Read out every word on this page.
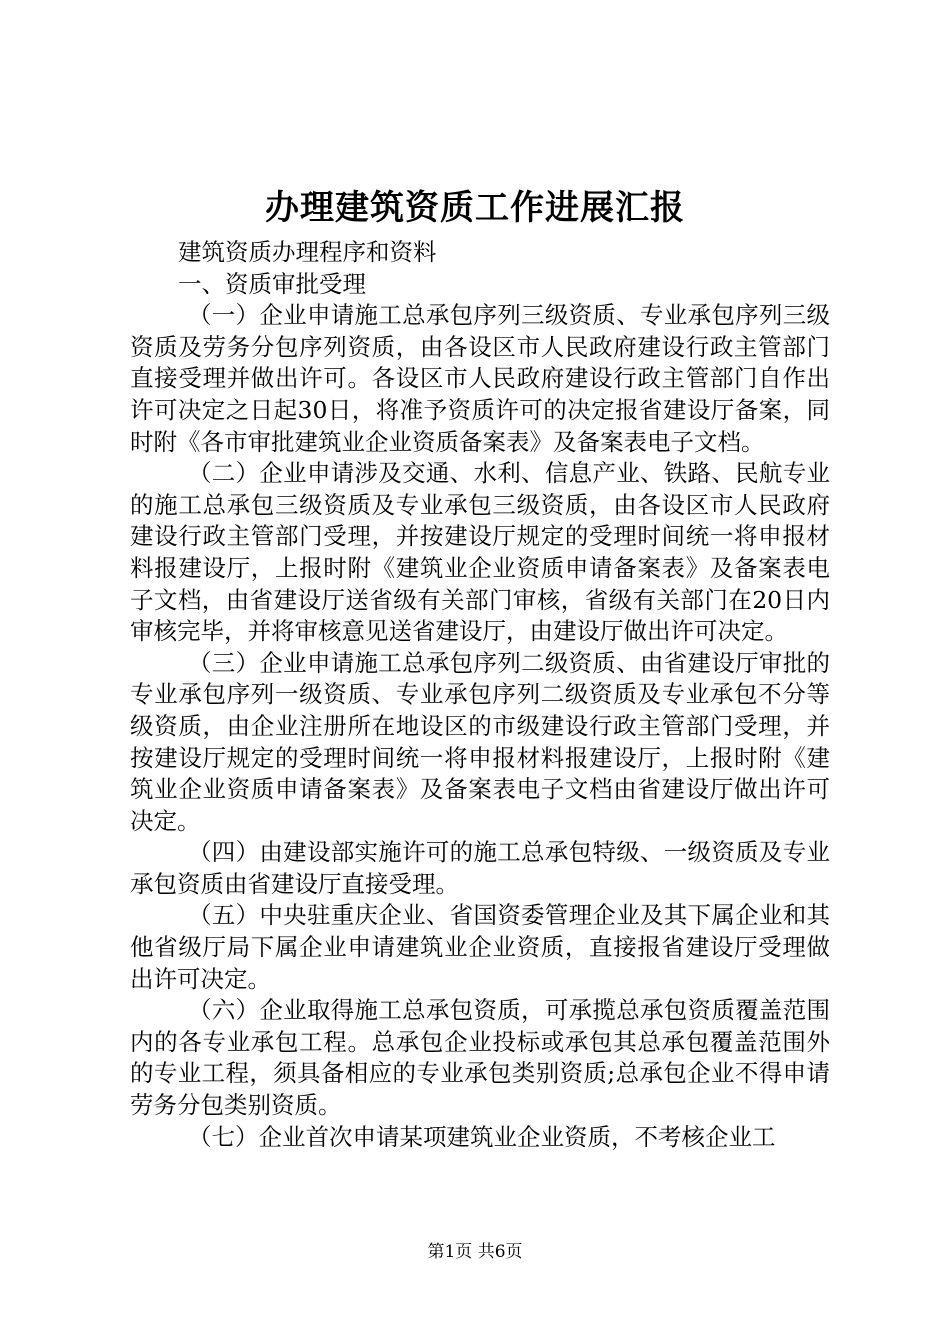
办理建筑资质工作进展汇报

建筑资质办理程序和资料

一、资质审批受理

（一）企业申请施工总承包序列三级资质、专业承包序列三级资质及劳务分包序列资质，由各设区市人民政府建设行政主管部门直接受理并做出许可。各设区市人民政府建设行政主管部门自作出许可决定之日起30日，将准予资质许可的决定报省建设厅备案，同时附《各市审批建筑业企业资质备案表》及备案表电子文档。

（二）企业申请涉及交通、水利、信息产业、铁路、民航专业的施工总承包三级资质及专业承包三级资质，由各设区市人民政府建设行政主管部门受理，并按建设厅规定的受理时间统一将申报材料报建设厅，上报时附《建筑业企业资质申请备案表》及备案表电子文档，由省建设厅送省级有关部门审核，省级有关部门在20日内审核完毕，并将审核意见送省建设厅，由建设厅做出许可决定。

（三）企业申请施工总承包序列二级资质、由省建设厅审批的专业承包序列一级资质、专业承包序列二级资质及专业承包不分等级资质，由企业注册所在地设区的市级建设行政主管部门受理，并按建设厅规定的受理时间统一将申报材料报建设厅，上报时附《建筑业企业资质申请备案表》及备案表电子文档由省建设厅做出许可决定。

（四）由建设部实施许可的施工总承包特级、一级资质及专业承包资质由省建设厅直接受理。

（五）中央驻重庆企业、省国资委管理企业及其下属企业和其他省级厅局下属企业申请建筑业企业资质，直接报省建设厅受理做出许可决定。

（六）企业取得施工总承包资质，可承揽总承包资质覆盖范围内的各专业承包工程。总承包企业投标或承包其总承包覆盖范围外的专业工程，须具备相应的专业承包类别资质;总承包企业不得申请劳务分包类别资质。

（七）企业首次申请某项建筑业企业资质，不考核企业工

第1页 共6页
